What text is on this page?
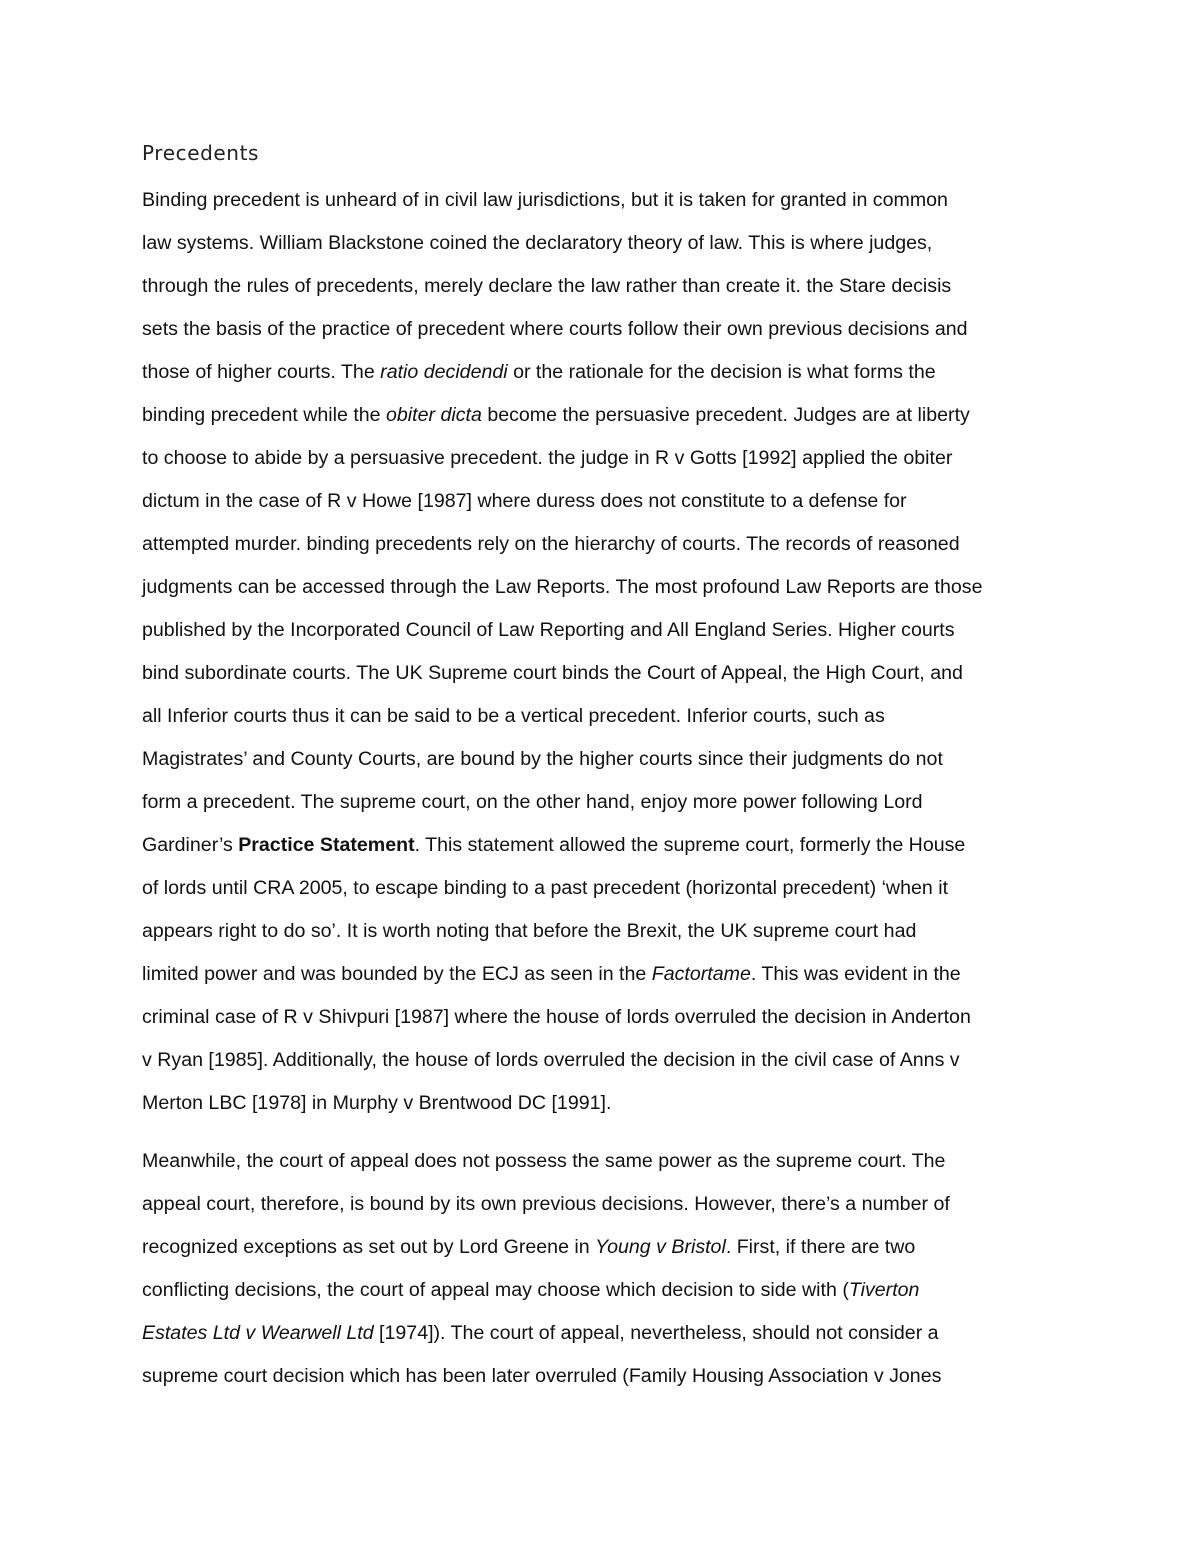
Precedents
Binding precedent is unheard of in civil law jurisdictions, but it is taken for granted in common
law systems. William Blackstone coined the declaratory theory of law. This is where judges,
through the rules of precedents, merely declare the law rather than create it. the Stare decisis
sets the basis of the practice of precedent where courts follow their own previous decisions and
those of higher courts. The ratio decidendi or the rationale for the decision is what forms the
binding precedent while the obiter dicta become the persuasive precedent. Judges are at liberty
to choose to abide by a persuasive precedent. the judge in R v Gotts [1992] applied the obiter
dictum in the case of R v Howe [1987] where duress does not constitute to a defense for
attempted murder. binding precedents rely on the hierarchy of courts. The records of reasoned
judgments can be accessed through the Law Reports. The most profound Law Reports are those
published by the Incorporated Council of Law Reporting and All England Series. Higher courts
bind subordinate courts. The UK Supreme court binds the Court of Appeal, the High Court, and
all Inferior courts thus it can be said to be a vertical precedent. Inferior courts, such as
Magistrates’ and County Courts, are bound by the higher courts since their judgments do not
form a precedent. The supreme court, on the other hand, enjoy more power following Lord
Gardiner’s Practice Statement. This statement allowed the supreme court, formerly the House
of lords until CRA 2005, to escape binding to a past precedent (horizontal precedent) ‘when it
appears right to do so’. It is worth noting that before the Brexit, the UK supreme court had
limited power and was bounded by the ECJ as seen in the Factortame. This was evident in the
criminal case of R v Shivpuri [1987] where the house of lords overruled the decision in Anderton
v Ryan [1985]. Additionally, the house of lords overruled the decision in the civil case of Anns v
Merton LBC [1978] in Murphy v Brentwood DC [1991].
Meanwhile, the court of appeal does not possess the same power as the supreme court. The
appeal court, therefore, is bound by its own previous decisions. However, there’s a number of
recognized exceptions as set out by Lord Greene in Young v Bristol. First, if there are two
conflicting decisions, the court of appeal may choose which decision to side with (Tiverton
Estates Ltd v Wearwell Ltd [1974]). The court of appeal, nevertheless, should not consider a
supreme court decision which has been later overruled (Family Housing Association v Jones
